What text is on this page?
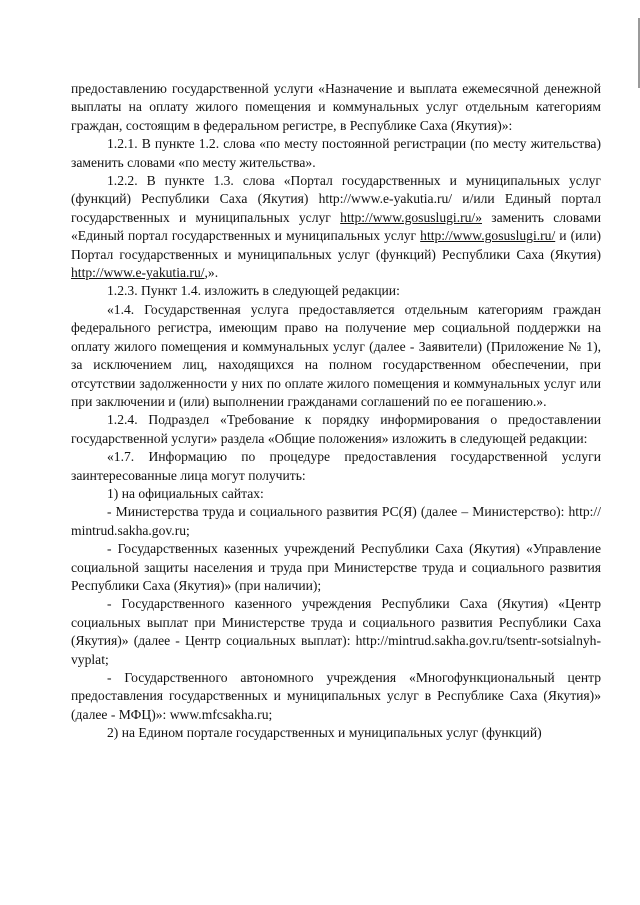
предоставлению государственной услуги «Назначение и выплата ежемесячной денежной выплаты на оплату жилого помещения и коммунальных услуг отдельным категориям граждан, состоящим в федеральном регистре, в Республике Саха (Якутия)»:

1.2.1. В пункте 1.2. слова «по месту постоянной регистрации (по месту жительства) заменить словами «по месту жительства».

1.2.2. В пункте 1.3. слова «Портал государственных и муниципальных услуг (функций) Республики Саха (Якутия) http://www.e-yakutia.ru/ и/или Единый портал государственных и муниципальных услуг http://www.gosuslugi.ru/» заменить словами «Единый портал государственных и муниципальных услуг http://www.gosuslugi.ru/ и (или) Портал государственных и муниципальных услуг (функций) Республики Саха (Якутия) http://www.e-yakutia.ru/,».

1.2.3. Пункт 1.4. изложить в следующей редакции:

«1.4. Государственная услуга предоставляется отдельным категориям граждан федерального регистра, имеющим право на получение мер социальной поддержки на оплату жилого помещения и коммунальных услуг (далее - Заявители) (Приложение № 1), за исключением лиц, находящихся на полном государственном обеспечении, при отсутствии задолженности у них по оплате жилого помещения и коммунальных услуг или при заключении и (или) выполнении гражданами соглашений по ее погашению.».

1.2.4. Подраздел «Требование к порядку информирования о предоставлении государственной услуги» раздела «Общие положения» изложить в следующей редакции:

«1.7. Информацию по процедуре предоставления государственной услуги заинтересованные лица могут получить:

1) на официальных сайтах:

- Министерства труда и социального развития РС(Я) (далее – Министерство): http:// mintrud.sakha.gov.ru;

- Государственных казенных учреждений Республики Саха (Якутия) «Управление социальной защиты населения и труда при Министерстве труда и социального развития Республики Саха (Якутия)» (при наличии);

- Государственного казенного учреждения Республики Саха (Якутия) «Центр социальных выплат при Министерстве труда и социального развития Республики Саха (Якутия)» (далее - Центр социальных выплат): http://mintrud.sakha.gov.ru/tsentr-sotsialnyh-vyplat;

- Государственного автономного учреждения «Многофункциональный центр предоставления государственных и муниципальных услуг в Республике Саха (Якутия)» (далее - МФЦ)»: www.mfcsakha.ru;

2) на Едином портале государственных и муниципальных услуг (функций)
